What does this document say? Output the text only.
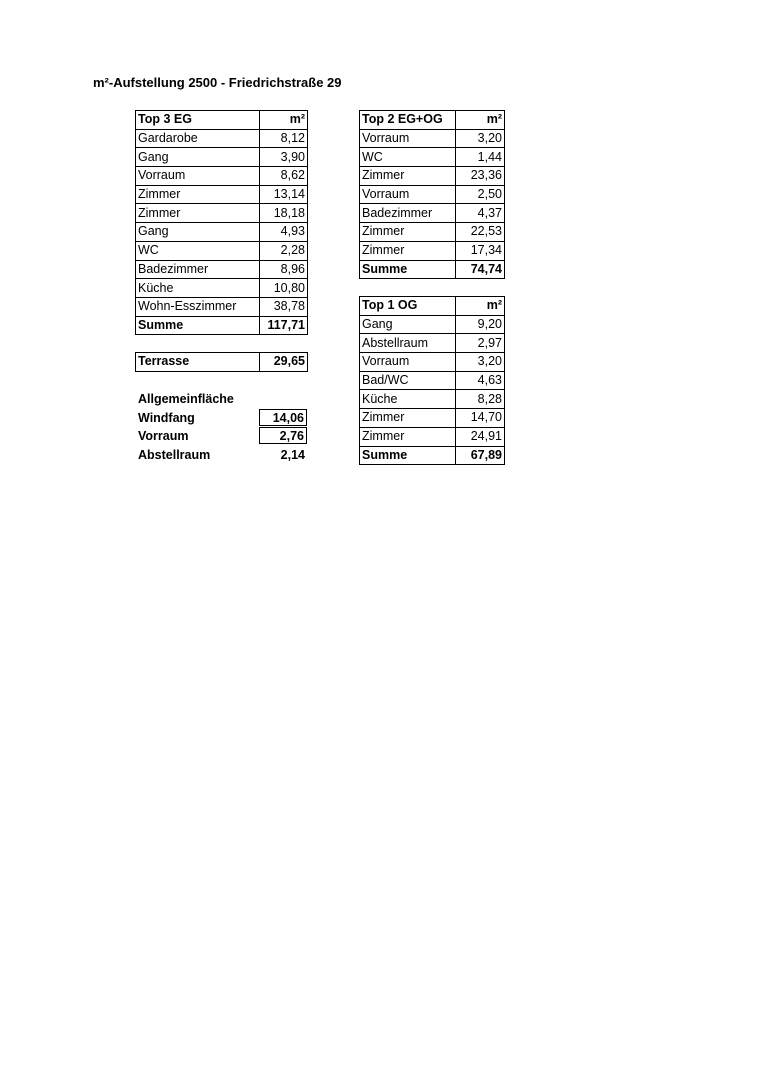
m²-Aufstellung 2500 - Friedrichstraße 29
Top 3 EG	m²
Gardarobe	8,12
Gang	3,90
Vorraum	8,62
Zimmer	13,14
Zimmer	18,18
Gang	4,93
WC	2,28
Badezimmer	8,96
Küche	10,80
Wohn-Esszimmer	38,78
Summe	117,71
Terrasse	29,65
Allgemeinfläche
Windfang	14,06
Vorraum	2,76
Abstellraum	2,14
Top 2 EG+OG	m²
Vorraum	3,20
WC	1,44
Zimmer	23,36
Vorraum	2,50
Badezimmer	4,37
Zimmer	22,53
Zimmer	17,34
Summe	74,74
Top 1 OG	m²
Gang	9,20
Abstellraum	2,97
Vorraum	3,20
Bad/WC	4,63
Küche	8,28
Zimmer	14,70
Zimmer	24,91
Summe	67,89
